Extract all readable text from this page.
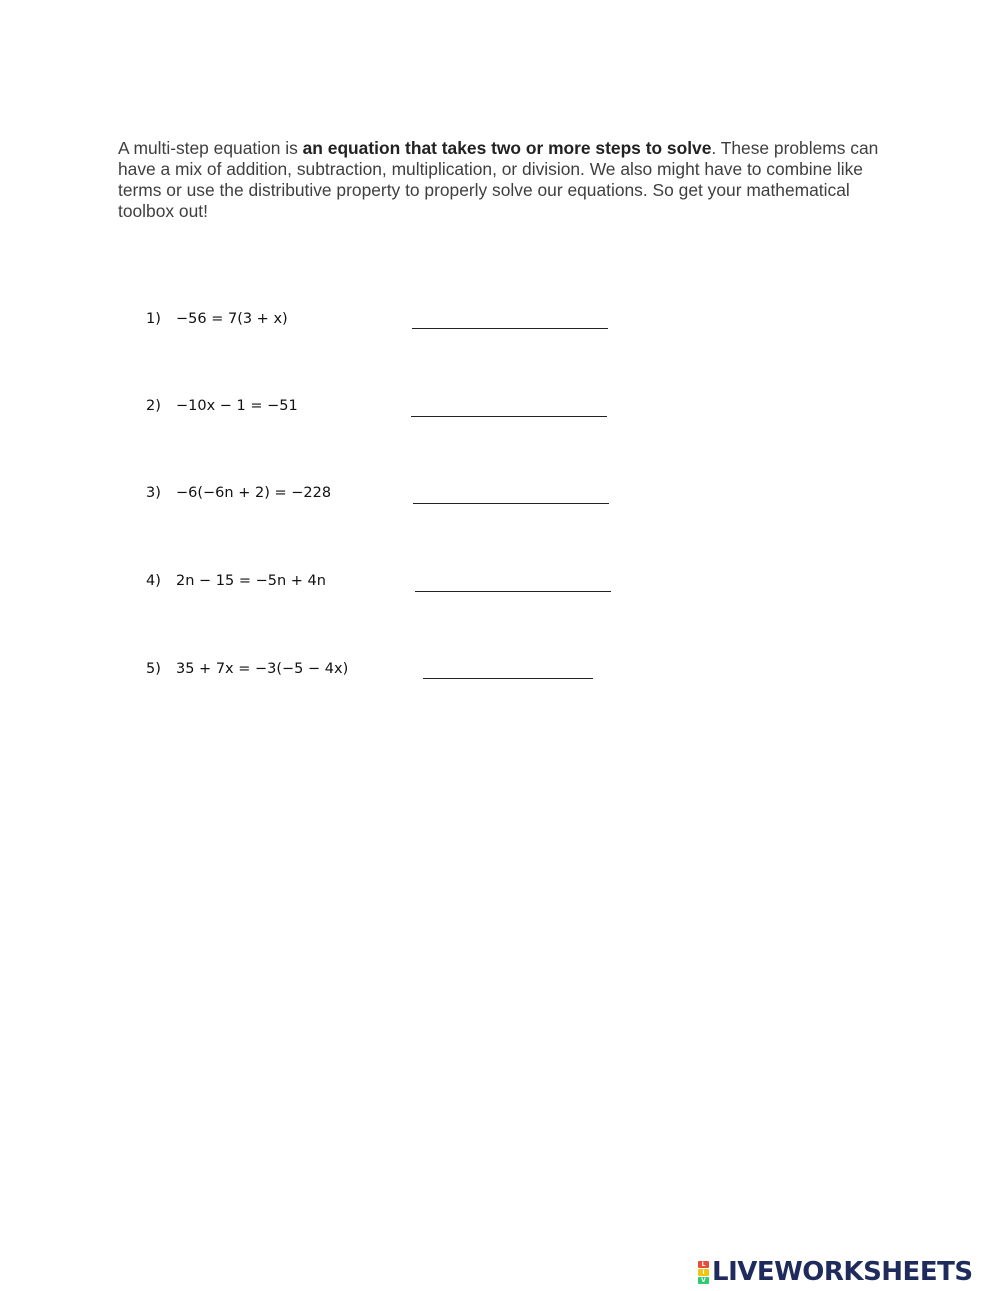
A multi-step equation is an equation that takes two or more steps to solve. These problems can have a mix of addition, subtraction, multiplication, or division. We also might have to combine like terms or use the distributive property to properly solve our equations. So get your mathematical toolbox out!

1) −56 = 7(3 + x)
2) −10x − 1 = −51
3) −6(−6n + 2) = −228
4) 2n − 15 = −5n + 4n
5) 35 + 7x = −3(−5 − 4x)
L
I
V LIVEWORKSHEETS
